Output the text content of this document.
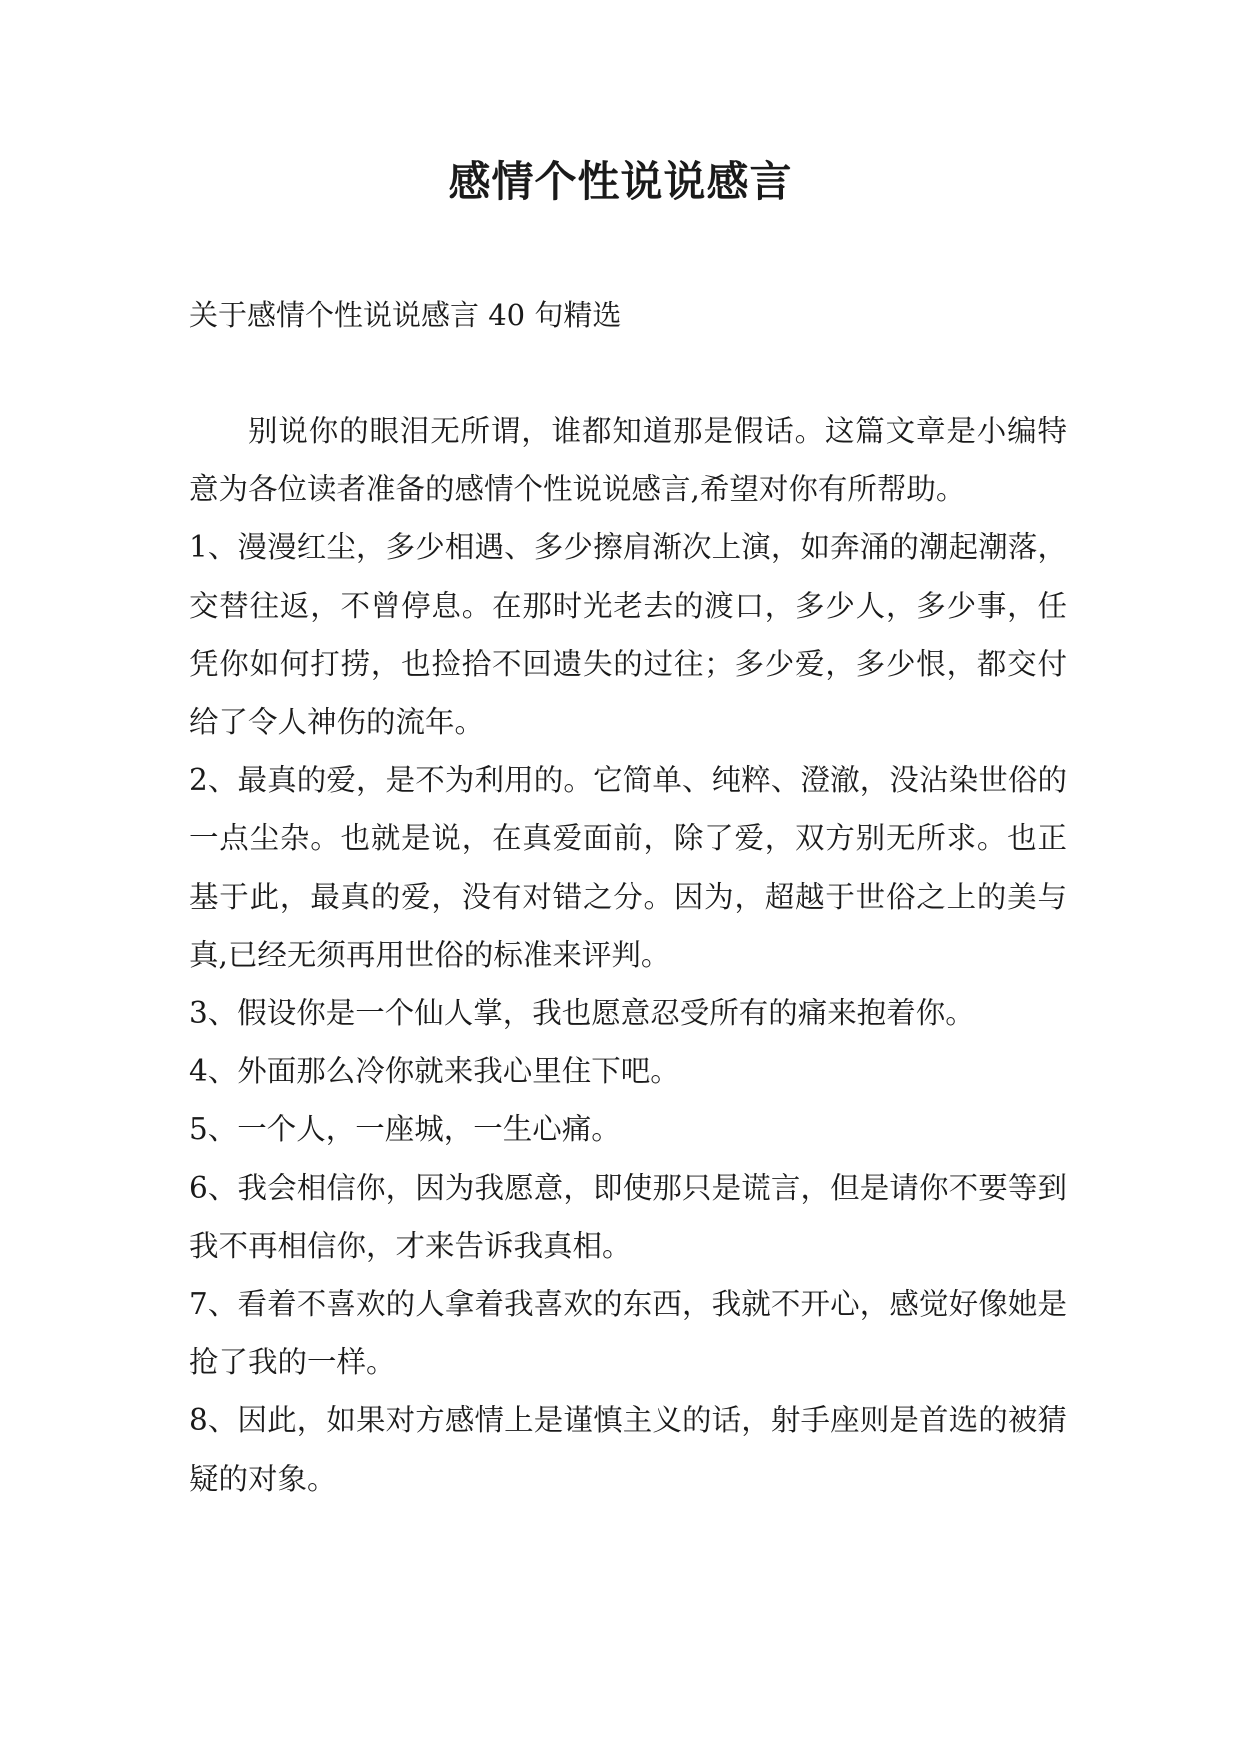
感情个性说说感言

关于感情个性说说感言 40 句精选

别说你的眼泪无所谓，谁都知道那是假话。这篇文章是小编特意为各位读者准备的感情个性说说感言,希望对你有所帮助。

1、漫漫红尘，多少相遇、多少擦肩渐次上演，如奔涌的潮起潮落，交替往返，不曾停息。在那时光老去的渡口，多少人，多少事，任凭你如何打捞，也捡拾不回遗失的过往；多少爱，多少恨，都交付给了令人神伤的流年。

2、最真的爱，是不为利用的。它简单、纯粹、澄澈，没沾染世俗的一点尘杂。也就是说，在真爱面前，除了爱，双方别无所求。也正基于此，最真的爱，没有对错之分。因为，超越于世俗之上的美与真,已经无须再用世俗的标准来评判。

3、假设你是一个仙人掌，我也愿意忍受所有的痛来抱着你。

4、外面那么冷你就来我心里住下吧。

5、一个人，一座城，一生心痛。

6、我会相信你，因为我愿意，即使那只是谎言，但是请你不要等到我不再相信你，才来告诉我真相。

7、看着不喜欢的人拿着我喜欢的东西，我就不开心，感觉好像她是抢了我的一样。

8、因此，如果对方感情上是谨慎主义的话，射手座则是首选的被猜疑的对象。
